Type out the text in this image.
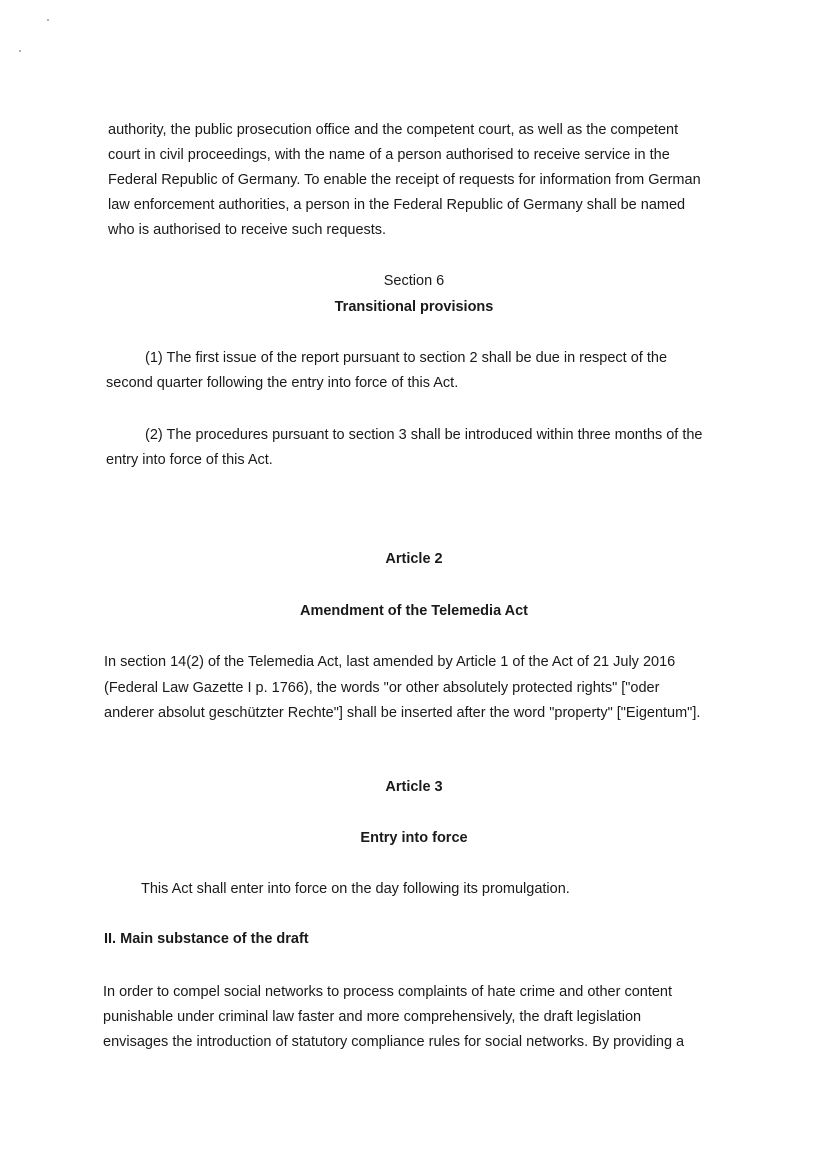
authority, the public prosecution office and the competent court, as well as the competent
court in civil proceedings, with the name of a person authorised to receive service in the
Federal Republic of Germany. To enable the receipt of requests for information from German
law enforcement authorities, a person in the Federal Republic of Germany shall be named
who is authorised to receive such requests.
Section 6
Transitional provisions
(1) The first issue of the report pursuant to section 2 shall be due in respect of the
second quarter following the entry into force of this Act.
(2) The procedures pursuant to section 3 shall be introduced within three months of the
entry into force of this Act.
Article 2
Amendment of the Telemedia Act
In section 14(2) of the Telemedia Act, last amended by Article 1 of the Act of 21 July 2016
(Federal Law Gazette I p. 1766), the words "or other absolutely protected rights" ["oder
anderer absolut geschützter Rechte"] shall be inserted after the word "property" ["Eigentum"].
Article 3
Entry into force
This Act shall enter into force on the day following its promulgation.
II. Main substance of the draft
In order to compel social networks to process complaints of hate crime and other content
punishable under criminal law faster and more comprehensively, the draft legislation
envisages the introduction of statutory compliance rules for social networks. By providing a
